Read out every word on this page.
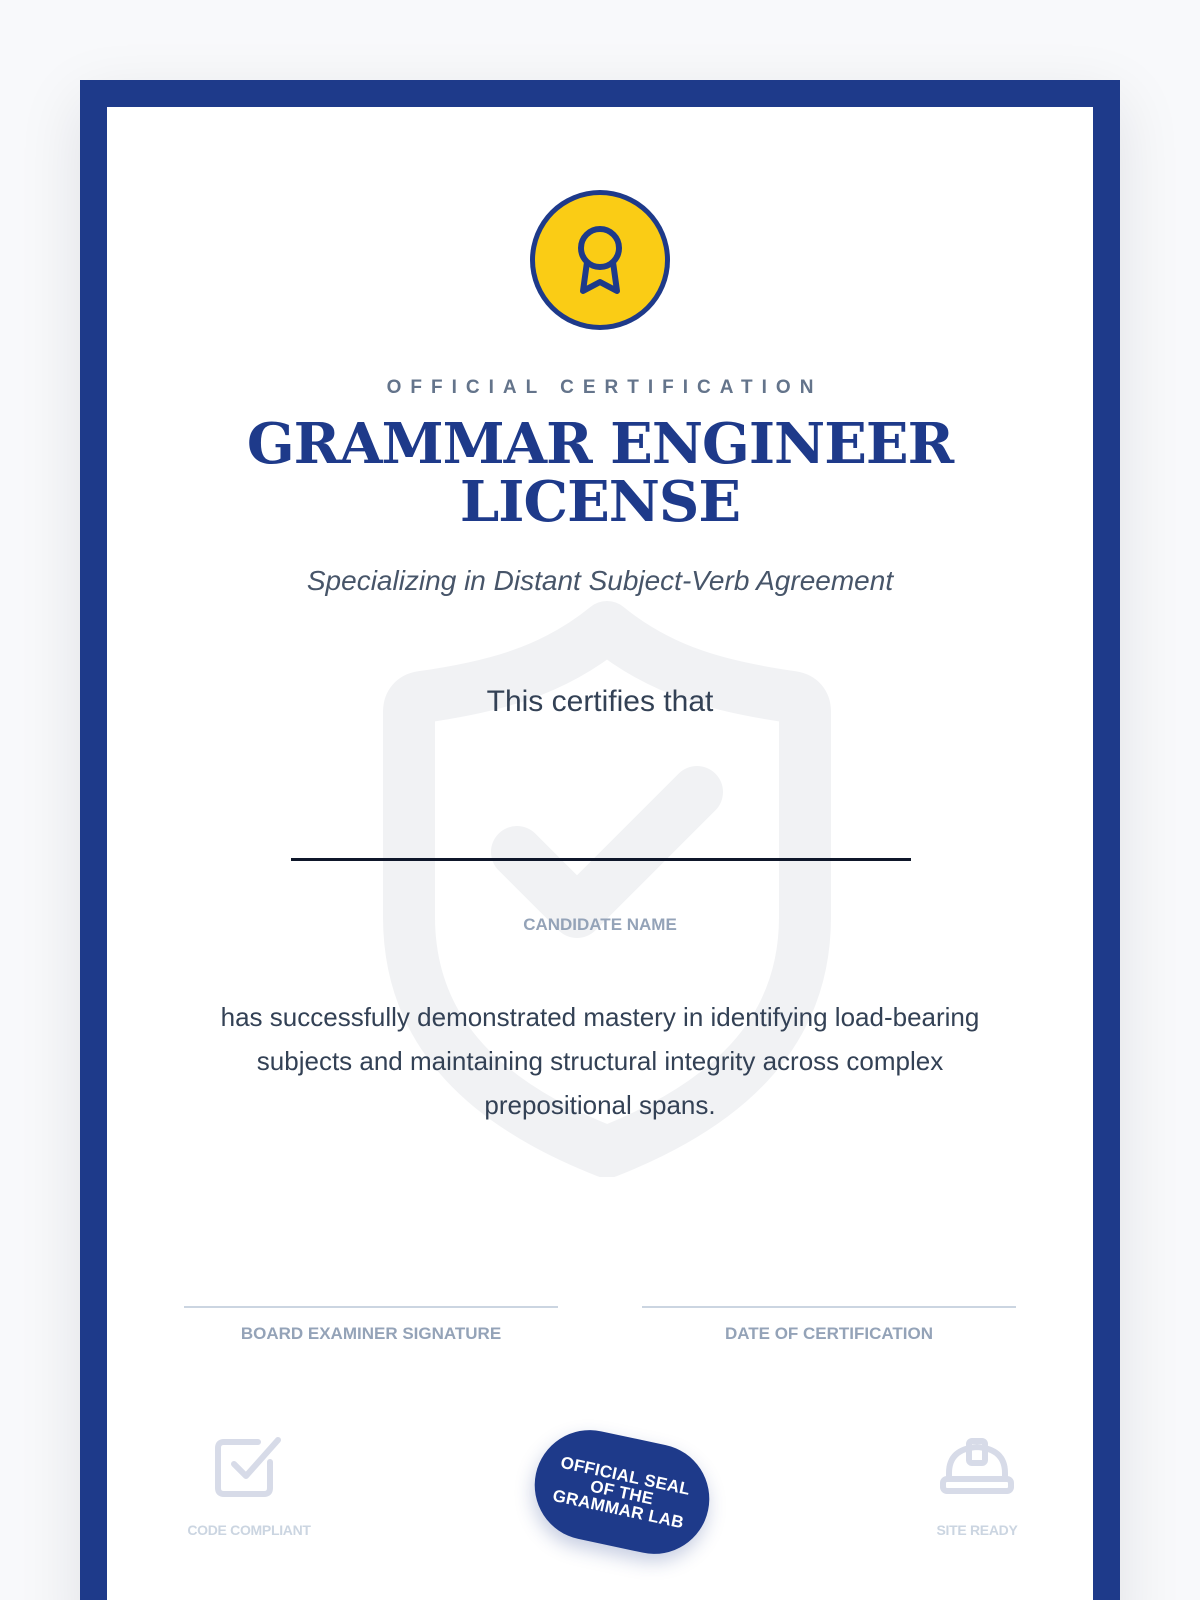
OFFICIAL CERTIFICATION
GRAMMAR ENGINEER
LICENSE
Specializing in Distant Subject-Verb Agreement
This certifies that
CANDIDATE NAME
has successfully demonstrated mastery in identifying load-bearing subjects and maintaining structural integrity across complex prepositional spans.
BOARD EXAMINER SIGNATURE	DATE OF CERTIFICATION
CODE COMPLIANT
OFFICIAL SEAL OF THE GRAMMAR LAB	SITE READY
